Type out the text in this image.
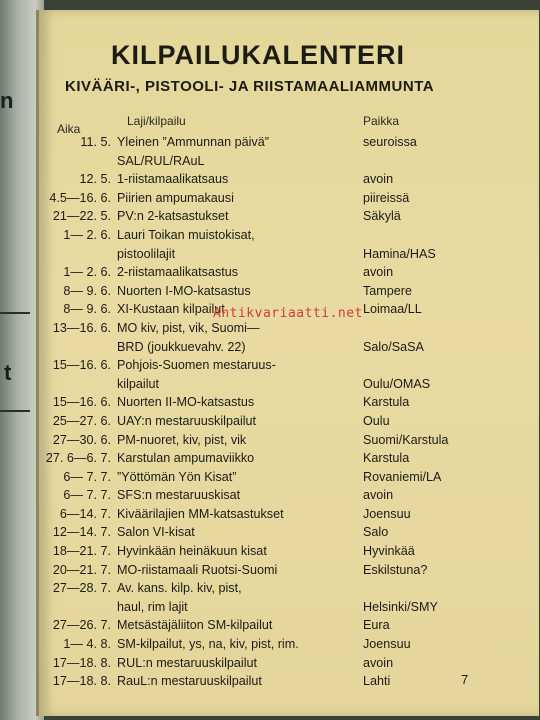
n
t
KILPAILUKALENTERI
KIVÄÄRI-, PISTOOLI- JA RIISTAMAALIAMMUNTA
Aika
Laji/kilpailu	Paikka
11. 5. Yleinen ”Ammunnan päivä”	seuroissa
SAL/RUL/RAuL
12. 5. 1-riistamaalikatsaus	avoin
4.5—16. 6. Piirien ampumakausi	piireissä
21—22. 5. PV:n 2-katsastukset	Säkylä
1— 2. 6. Lauri Toikan muistokisat,
pistoolilajit	Hamina/HAS
1— 2. 6. 2-riistamaalikatsastus	avoin
8— 9. 6. Nuorten I-MO-katsastus	Tampere
8— 9. 6. XI-Kustaan kilpailut	Loimaa/LL
13—16. 6. MO kiv, pist, vik, Suomi—
BRD (joukkuevahv. 22)	Salo/SaSA
15—16. 6. Pohjois-Suomen mestaruus-
kilpailut	Oulu/OMAS
15—16. 6. Nuorten II-MO-katsastus	Karstula
25—27. 6. UAY:n mestaruuskilpailut	Oulu
27—30. 6. PM-nuoret, kiv, pist, vik	Suomi/Karstula
27. 6—6. 7. Karstulan ampumaviikko	Karstula
6— 7. 7. ”Yöttömän Yön Kisat”	Rovaniemi/LA
6— 7. 7. SFS:n mestaruuskisat	avoin
6—14. 7. Kiväärilajien MM-katsastukset	Joensuu
12—14. 7. Salon VI-kisat	Salo
18—21. 7. Hyvinkään heinäkuun kisat	Hyvinkää
20—21. 7. MO-riistamaali Ruotsi-Suomi	Eskilstuna?
27—28. 7. Av. kans. kilp. kiv, pist,
haul, rim lajit	Helsinki/SMY
27—26. 7. Metsästäjäliiton SM-kilpailut	Eura
1— 4. 8. SM-kilpailut, ys, na, kiv, pist, rim.	Joensuu
17—18. 8. RUL:n mestaruuskilpailut	avoin
17—18. 8. RauL:n mestaruuskilpailut	Lahti
Antikvariaatti.net
7
